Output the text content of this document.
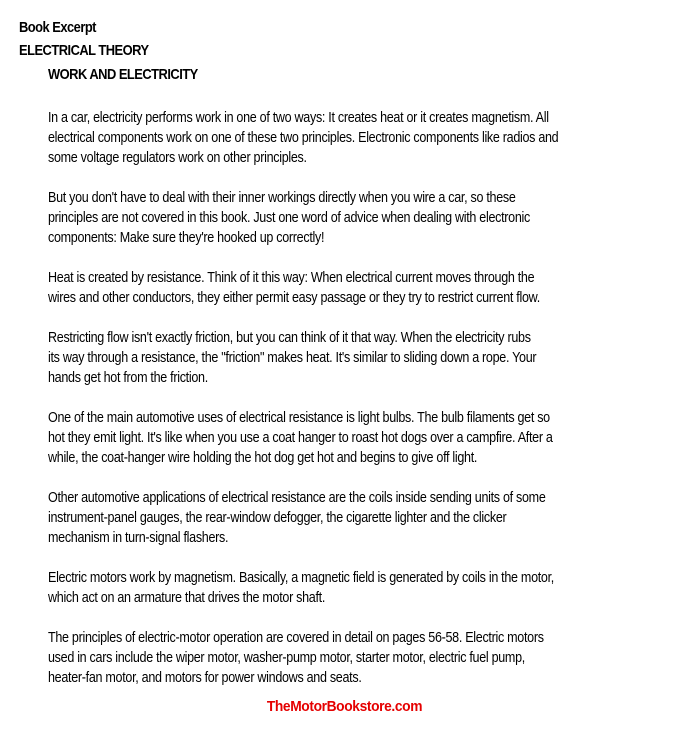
Book Excerpt
ELECTRICAL THEORY
WORK AND ELECTRICITY

In a car, electricity performs work in one of two ways: It creates heat or it creates magnetism. All
electrical components work on one of these two principles. Electronic components like radios and
some voltage regulators work on other principles.

But you don't have to deal with their inner workings directly when you wire a car, so these
principles are not covered in this book. Just one word of advice when dealing with electronic
components: Make sure they're hooked up correctly!

Heat is created by resistance. Think of it this way: When electrical current moves through the
wires and other conductors, they either permit easy passage or they try to restrict current flow.

Restricting flow isn't exactly friction, but you can think of it that way. When the electricity rubs
its way through a resistance, the "friction" makes heat. It's similar to sliding down a rope. Your
hands get hot from the friction.

One of the main automotive uses of electrical resistance is light bulbs. The bulb filaments get so
hot they emit light. It's like when you use a coat hanger to roast hot dogs over a campfire. After a
while, the coat-hanger wire holding the hot dog get hot and begins to give off light.

Other automotive applications of electrical resistance are the coils inside sending units of some
instrument-panel gauges, the rear-window defogger, the cigarette lighter and the clicker
mechanism in turn-signal flashers.

Electric motors work by magnetism. Basically, a magnetic field is generated by coils in the motor,
which act on an armature that drives the motor shaft.

The principles of electric-motor operation are covered in detail on pages 56-58. Electric motors
used in cars include the wiper motor, washer-pump motor, starter motor, electric fuel pump,
heater-fan motor, and motors for power windows and seats.

TheMotorBookstore.com
